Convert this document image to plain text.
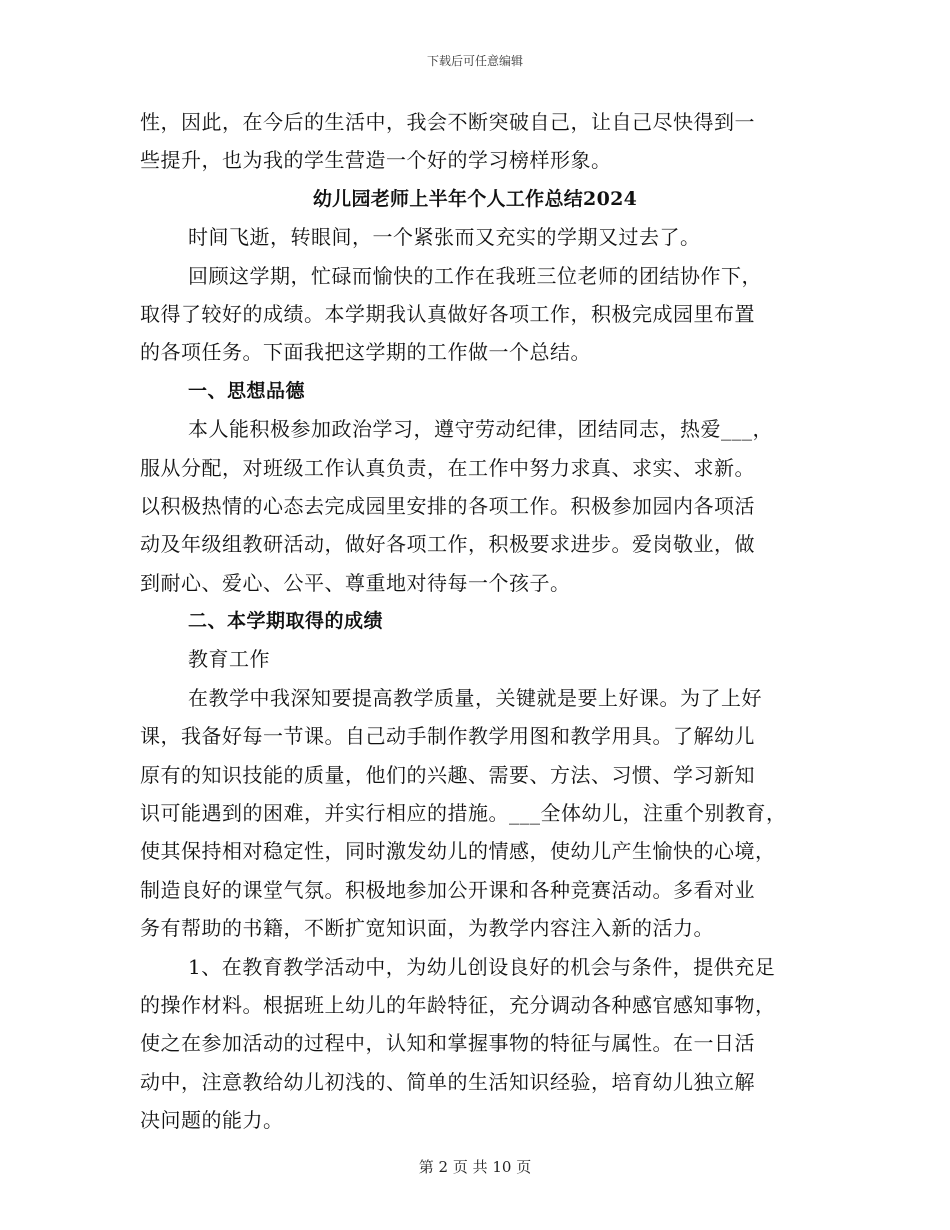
下载后可任意编辑
性，因此，在今后的生活中，我会不断突破自己，让自己尽快得到一
些提升，也为我的学生营造一个好的学习榜样形象。
幼儿园老师上半年个人工作总结2024
时间飞逝，转眼间，一个紧张而又充实的学期又过去了。
回顾这学期，忙碌而愉快的工作在我班三位老师的团结协作下，
取得了较好的成绩。本学期我认真做好各项工作，积极完成园里布置
的各项任务。下面我把这学期的工作做一个总结。
一、思想品德
本人能积极参加政治学习，遵守劳动纪律，团结同志，热爱___，
服从分配，对班级工作认真负责，在工作中努力求真、求实、求新。
以积极热情的心态去完成园里安排的各项工作。积极参加园内各项活
动及年级组教研活动，做好各项工作，积极要求进步。爱岗敬业，做
到耐心、爱心、公平、尊重地对待每一个孩子。
二、本学期取得的成绩
教育工作
在教学中我深知要提高教学质量，关键就是要上好课。为了上好
课，我备好每一节课。自己动手制作教学用图和教学用具。了解幼儿
原有的知识技能的质量，他们的兴趣、需要、方法、习惯、学习新知
识可能遇到的困难，并实行相应的措施。___全体幼儿，注重个别教育，
使其保持相对稳定性，同时激发幼儿的情感，使幼儿产生愉快的心境，
制造良好的课堂气氛。积极地参加公开课和各种竞赛活动。多看对业
务有帮助的书籍，不断扩宽知识面，为教学内容注入新的活力。
1、在教育教学活动中，为幼儿创设良好的机会与条件，提供充足
的操作材料。根据班上幼儿的年龄特征，充分调动各种感官感知事物，
使之在参加活动的过程中，认知和掌握事物的特征与属性。在一日活
动中，注意教给幼儿初浅的、简单的生活知识经验，培育幼儿独立解
决问题的能力。
第 2 页 共 10 页
